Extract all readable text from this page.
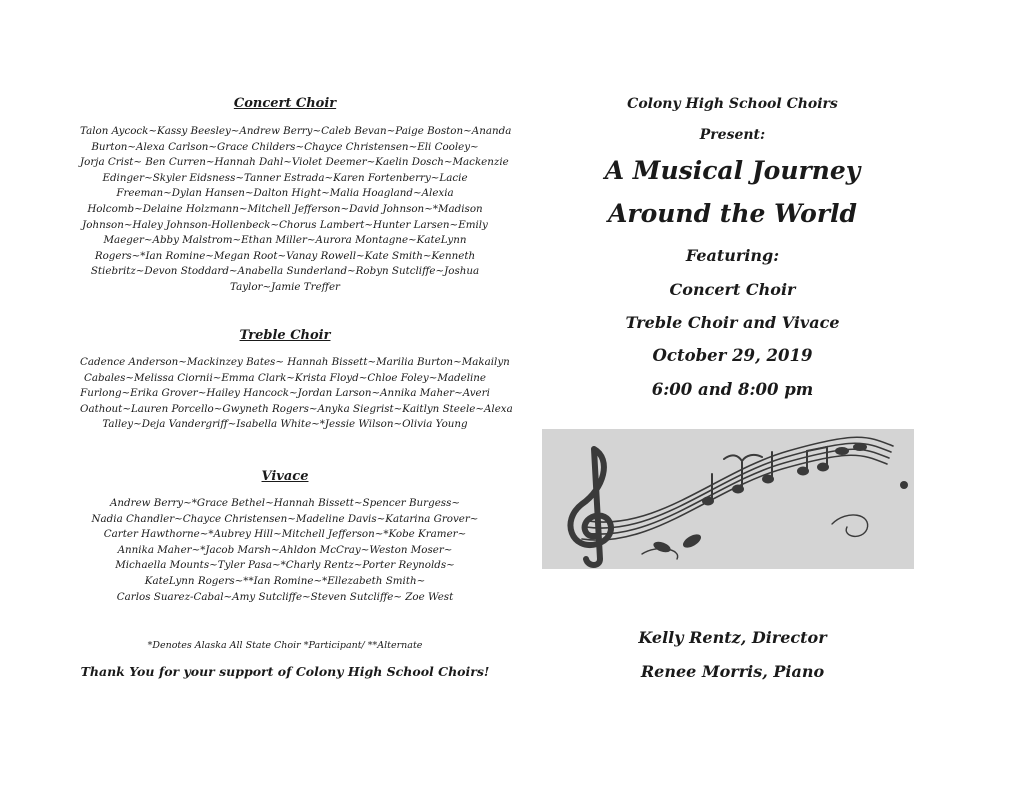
Concert Choir
Talon Aycock~Kassy Beesley~Andrew Berry~Caleb Bevan~Paige Boston~Ananda
Burton~Alexa Carlson~Grace Childers~Chayce Christensen~Eli Cooley~
Jorja Crist~ Ben Curren~Hannah Dahl~Violet Deemer~Kaelin Dosch~Mackenzie
Edinger~Skyler Eidsness~Tanner Estrada~Karen Fortenberry~Lacie
Freeman~Dylan Hansen~Dalton Hight~Malia Hoagland~Alexia
Holcomb~Delaine Holzmann~Mitchell Jefferson~David Johnson~*Madison
Johnson~Haley Johnson-Hollenbeck~Chorus Lambert~Hunter Larsen~Emily
Maeger~Abby Malstrom~Ethan Miller~Aurora Montagne~KateLynn
Rogers~*Ian Romine~Megan Root~Vanay Rowell~Kate Smith~Kenneth
Stiebritz~Devon Stoddard~Anabella Sunderland~Robyn Sutcliffe~Joshua
Taylor~Jamie Treffer
Treble Choir
Cadence Anderson~Mackinzey Bates~ Hannah Bissett~Marilia Burton~Makailyn
Cabales~Melissa Ciornii~Emma Clark~Krista Floyd~Chloe Foley~Madeline
Furlong~Erika Grover~Hailey Hancock~Jordan Larson~Annika Maher~Averi
Oathout~Lauren Porcello~Gwyneth Rogers~Anyka Siegrist~Kaitlyn Steele~Alexa
Talley~Deja Vandergriff~Isabella White~*Jessie Wilson~Olivia Young
Vivace
Andrew Berry~*Grace Bethel~Hannah Bissett~Spencer Burgess~
Nadia Chandler~Chayce Christensen~Madeline Davis~Katarina Grover~
Carter Hawthorne~*Aubrey Hill~Mitchell Jefferson~*Kobe Kramer~
Annika Maher~*Jacob Marsh~Ahldon McCray~Weston Moser~
Michaella Mounts~Tyler Pasa~*Charly Rentz~Porter Reynolds~
KateLynn Rogers~**Ian Romine~*Ellezabeth Smith~
Carlos Suarez-Cabal~Amy Sutcliffe~Steven Sutcliffe~ Zoe West
*Denotes Alaska All State Choir *Participant/ **Alternate
Thank You for your support of Colony High School Choirs!
Colony High School Choirs
Present:
A Musical Journey
Around the World
Featuring:
Concert Choir
Treble Choir and Vivace
October 29, 2019
6:00 and 8:00 pm
Kelly Rentz, Director
Renee Morris, Piano
